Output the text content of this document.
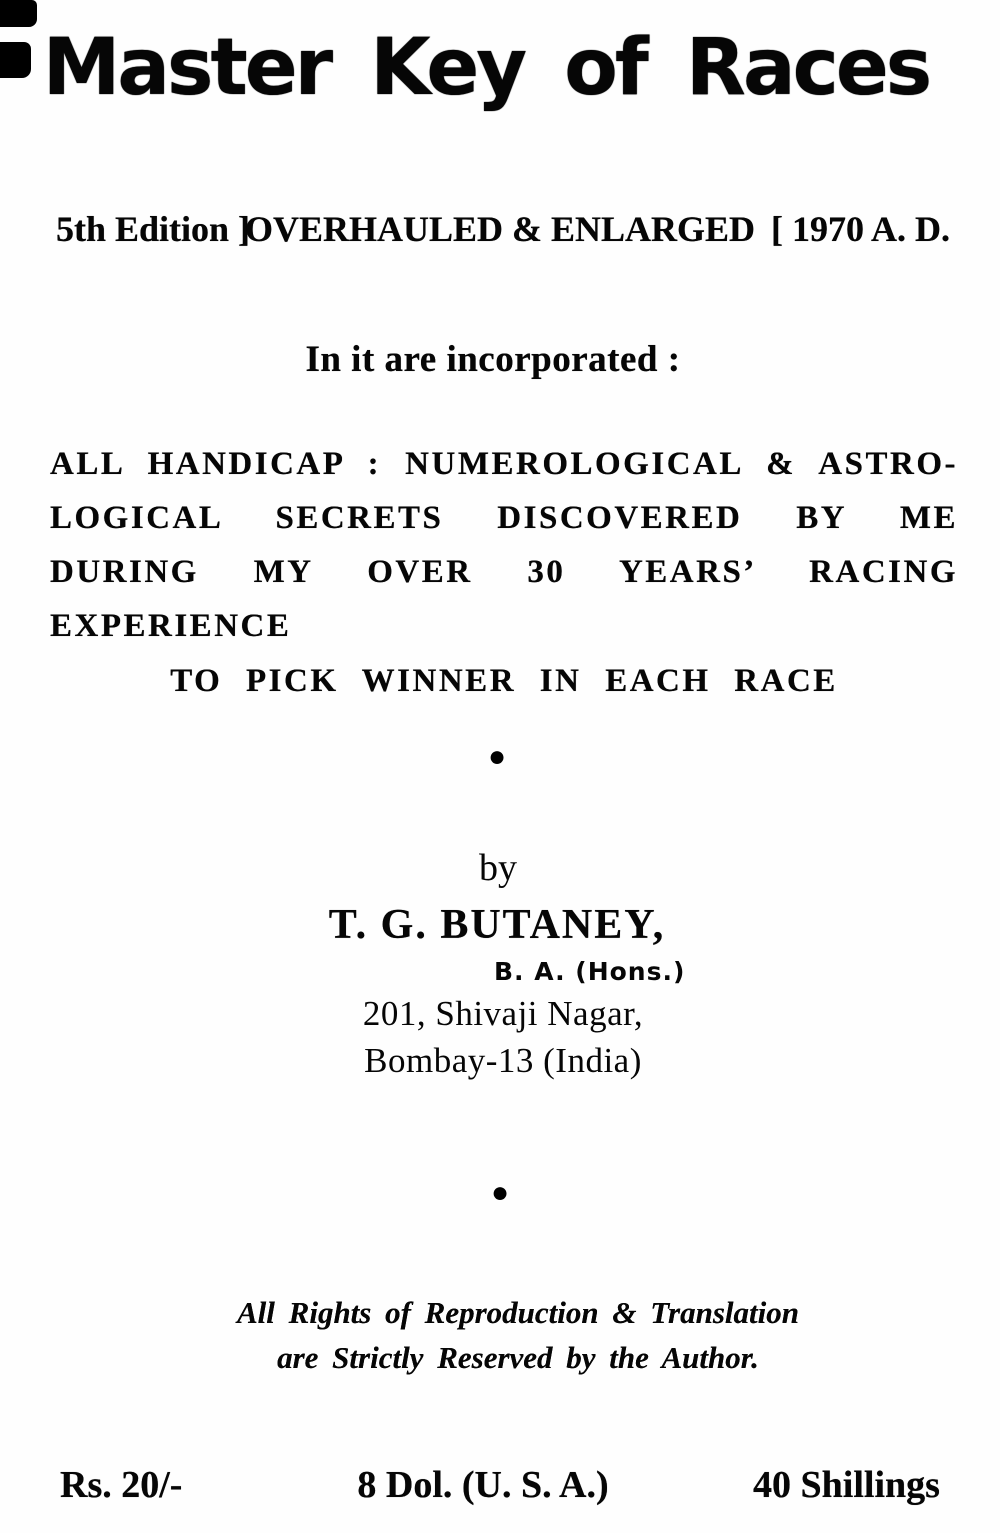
Master Key of Races
5th Edition ]
OVERHAULED & ENLARGED [ 1970 A. D.
In it are incorporated :
ALL HANDICAP : NUMEROLOGICAL & ASTRO-
LOGICAL SECRETS DISCOVERED BY ME
DURING MY OVER 30 YEARS’ RACING EXPERIENCE
TO PICK WINNER IN EACH RACE
●
by
T. G. BUTANEY,
B. A. (Hons.)
201, Shivaji Nagar,
Bombay-13 (India)
●
All Rights of Reproduction & Translation
are Strictly Reserved by the Author.
Rs. 20/-	8 Dol. (U. S. A.)	40 Shillings
